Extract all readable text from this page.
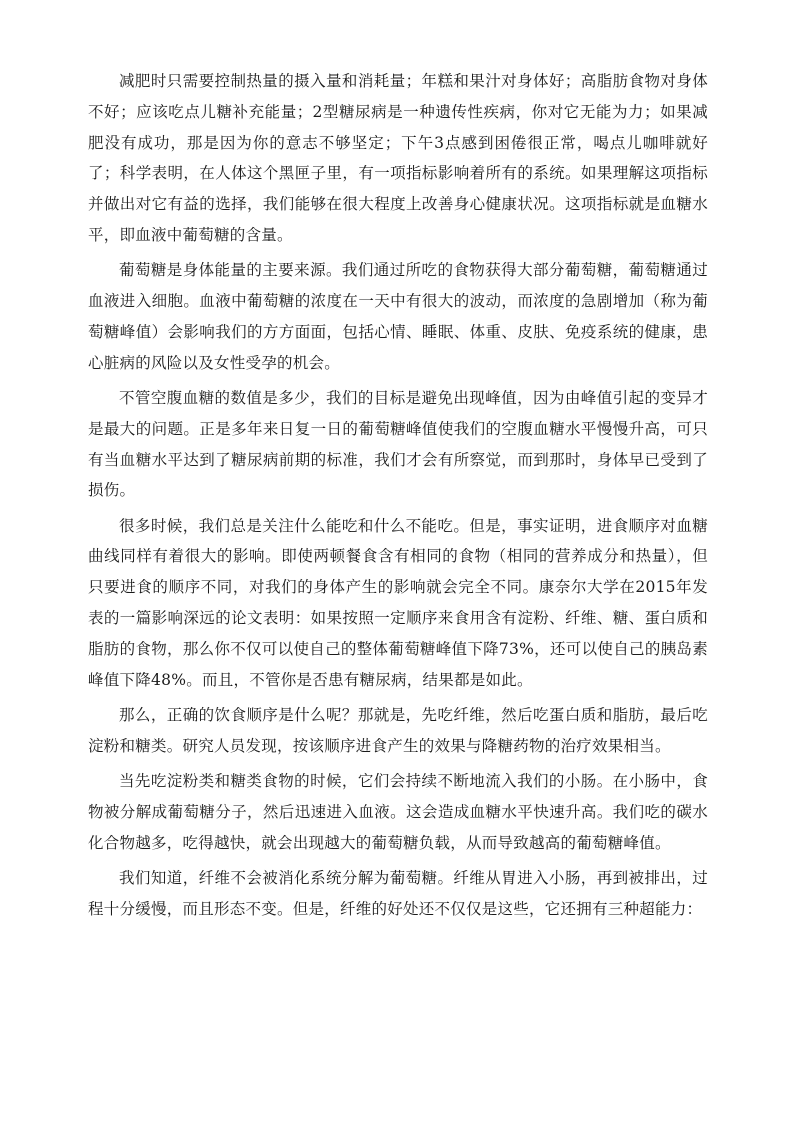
减肥时只需要控制热量的摄入量和消耗量；年糕和果汁对身体好；高脂肪食物对身体不好；应该吃点儿糖补充能量；2型糖尿病是一种遗传性疾病，你对它无能为力；如果减肥没有成功，那是因为你的意志不够坚定；下午3点感到困倦很正常，喝点儿咖啡就好了；科学表明，在人体这个黑匣子里，有一项指标影响着所有的系统。如果理解这项指标并做出对它有益的选择，我们能够在很大程度上改善身心健康状况。这项指标就是血糖水平，即血液中葡萄糖的含量。

葡萄糖是身体能量的主要来源。我们通过所吃的食物获得大部分葡萄糖，葡萄糖通过血液进入细胞。血液中葡萄糖的浓度在一天中有很大的波动，而浓度的急剧增加（称为葡萄糖峰值）会影响我们的方方面面，包括心情、睡眠、体重、皮肤、免疫系统的健康，患心脏病的风险以及女性受孕的机会。

不管空腹血糖的数值是多少，我们的目标是避免出现峰值，因为由峰值引起的变异才是最大的问题。正是多年来日复一日的葡萄糖峰值使我们的空腹血糖水平慢慢升高，可只有当血糖水平达到了糖尿病前期的标准，我们才会有所察觉，而到那时，身体早已受到了损伤。

很多时候，我们总是关注什么能吃和什么不能吃。但是，事实证明，进食顺序对血糖曲线同样有着很大的影响。即使两顿餐食含有相同的食物（相同的营养成分和热量），但只要进食的顺序不同，对我们的身体产生的影响就会完全不同。康奈尔大学在2015年发表的一篇影响深远的论文表明：如果按照一定顺序来食用含有淀粉、纤维、糖、蛋白质和脂肪的食物，那么你不仅可以使自己的整体葡萄糖峰值下降73%，还可以使自己的胰岛素峰值下降48%。而且，不管你是否患有糖尿病，结果都是如此。

那么，正确的饮食顺序是什么呢？那就是，先吃纤维，然后吃蛋白质和脂肪，最后吃淀粉和糖类。研究人员发现，按该顺序进食产生的效果与降糖药物的治疗效果相当。

当先吃淀粉类和糖类食物的时候，它们会持续不断地流入我们的小肠。在小肠中，食物被分解成葡萄糖分子，然后迅速进入血液。这会造成血糖水平快速升高。我们吃的碳水化合物越多，吃得越快，就会出现越大的葡萄糖负载，从而导致越高的葡萄糖峰值。

我们知道，纤维不会被消化系统分解为葡萄糖。纤维从胃进入小肠，再到被排出，过程十分缓慢，而且形态不变。但是，纤维的好处还不仅仅是这些，它还拥有三种超能力：
